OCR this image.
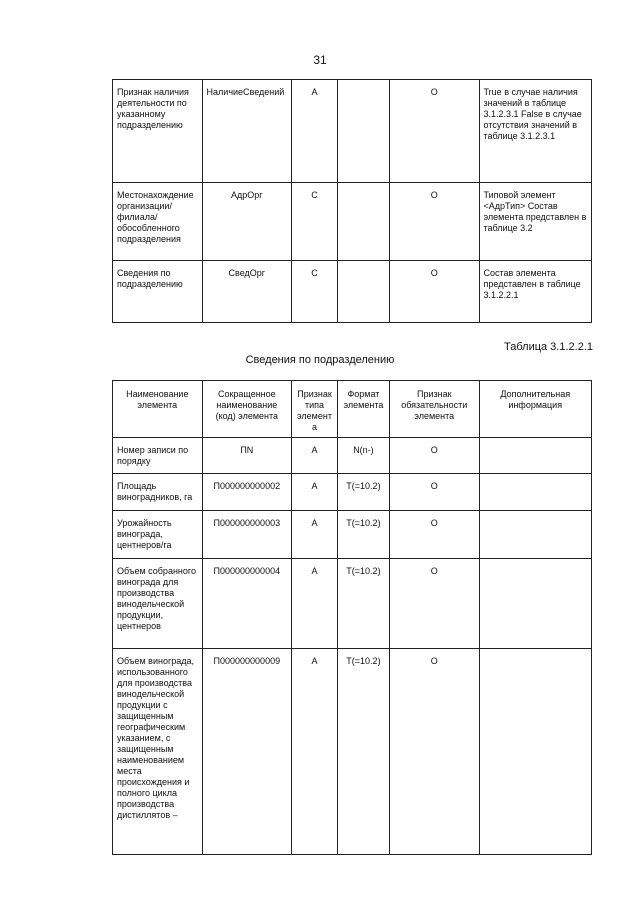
31
Признак наличия деятельности по указанному подразделению	НаличиеСведений	А		О	True в случае наличия значений в таблице 3.1.2.3.1 False в случае отсутствия значений в таблице 3.1.2.3.1
Местонахождение организации/ филиала/ обособленного подразделения	АдрОрг	С		О	Типовой элемент <АдрТип> Состав элемента представлен в таблице 3.2
Сведения по подразделению	СведОрг	С		О	Состав элемента представлен в таблице 3.1.2.2.1
Таблица 3.1.2.2.1
Сведения по подразделению
Наименование элемента	Сокращенное наименование (код) элемента	Признак типа элемента	Формат элемента	Признак обязательности элемента	Дополнительная информация
Номер записи по порядку	ПN	А	N(n-)	О	
Площадь виноградников, га	П000000000002	А	T(=10.2)	О	
Урожайность винограда, центнеров/га	П000000000003	А	T(=10.2)	О	
Объем собранного винограда для производства винодельческой продукции, центнеров	П000000000004	А	T(=10.2)	О	
Объем винограда, использованного для производства винодельческой продукции с защищенным географическим указанием, с защищенным наименованием места происхождения и полного цикла производства дистиллятов –	П000000000009	А	T(=10.2)	О	
